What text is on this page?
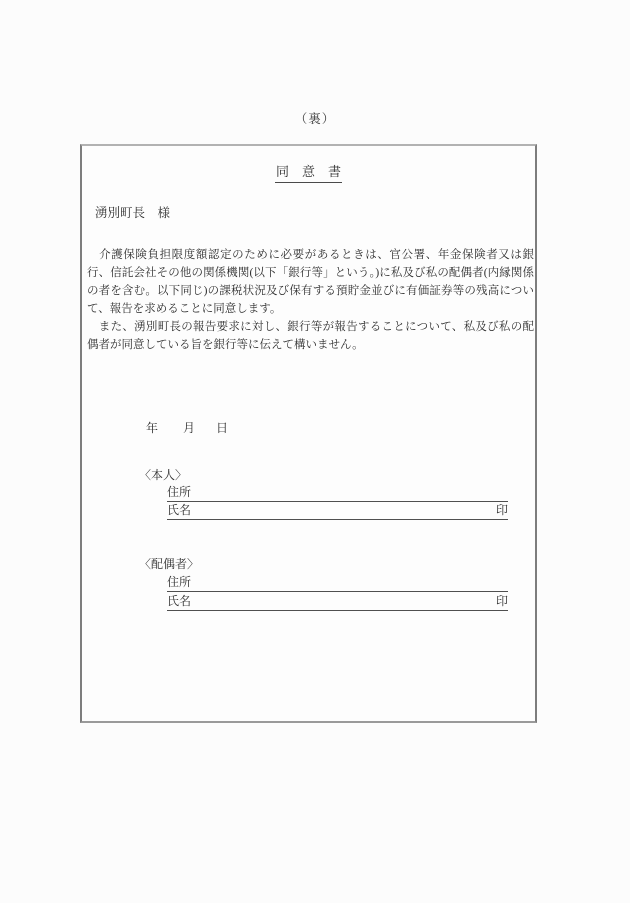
（裏）
同　意　書
湧別町長　様

　介護保険負担限度額認定のために必要があるときは、官公署、年金保険者又は銀行、信託会社その他の関係機関(以下「銀行等」という。)に私及び私の配偶者(内縁関係の者を含む。以下同じ)の課税状況及び保有する預貯金並びに有価証券等の残高について、報告を求めることに同意します。

　また、湧別町長の報告要求に対し、銀行等が報告することについて、私及び私の配偶者が同意している旨を銀行等に伝えて構いません。

年 月 日
〈本人〉
住所
氏名	印
〈配偶者〉
住所
氏名	印
